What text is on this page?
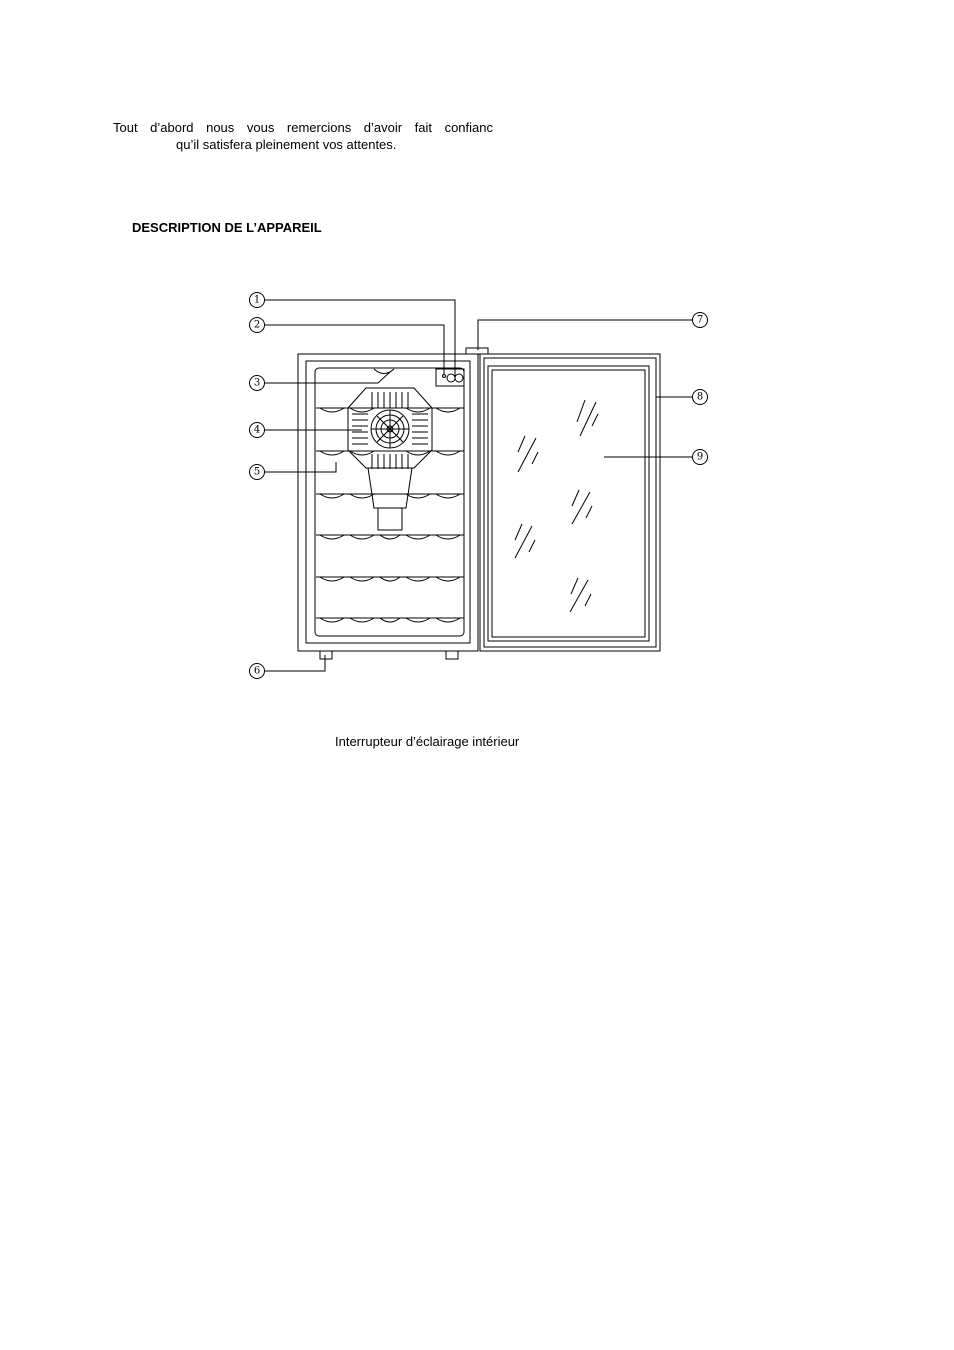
Tout d’abord nous vous remercions d’avoir fait confianc
qu’il satisfera pleinement vos attentes.
DESCRIPTION DE L’APPAREIL
1
2
3
4
5
6
7
8
9
Interrupteur d’éclairage intérieur
